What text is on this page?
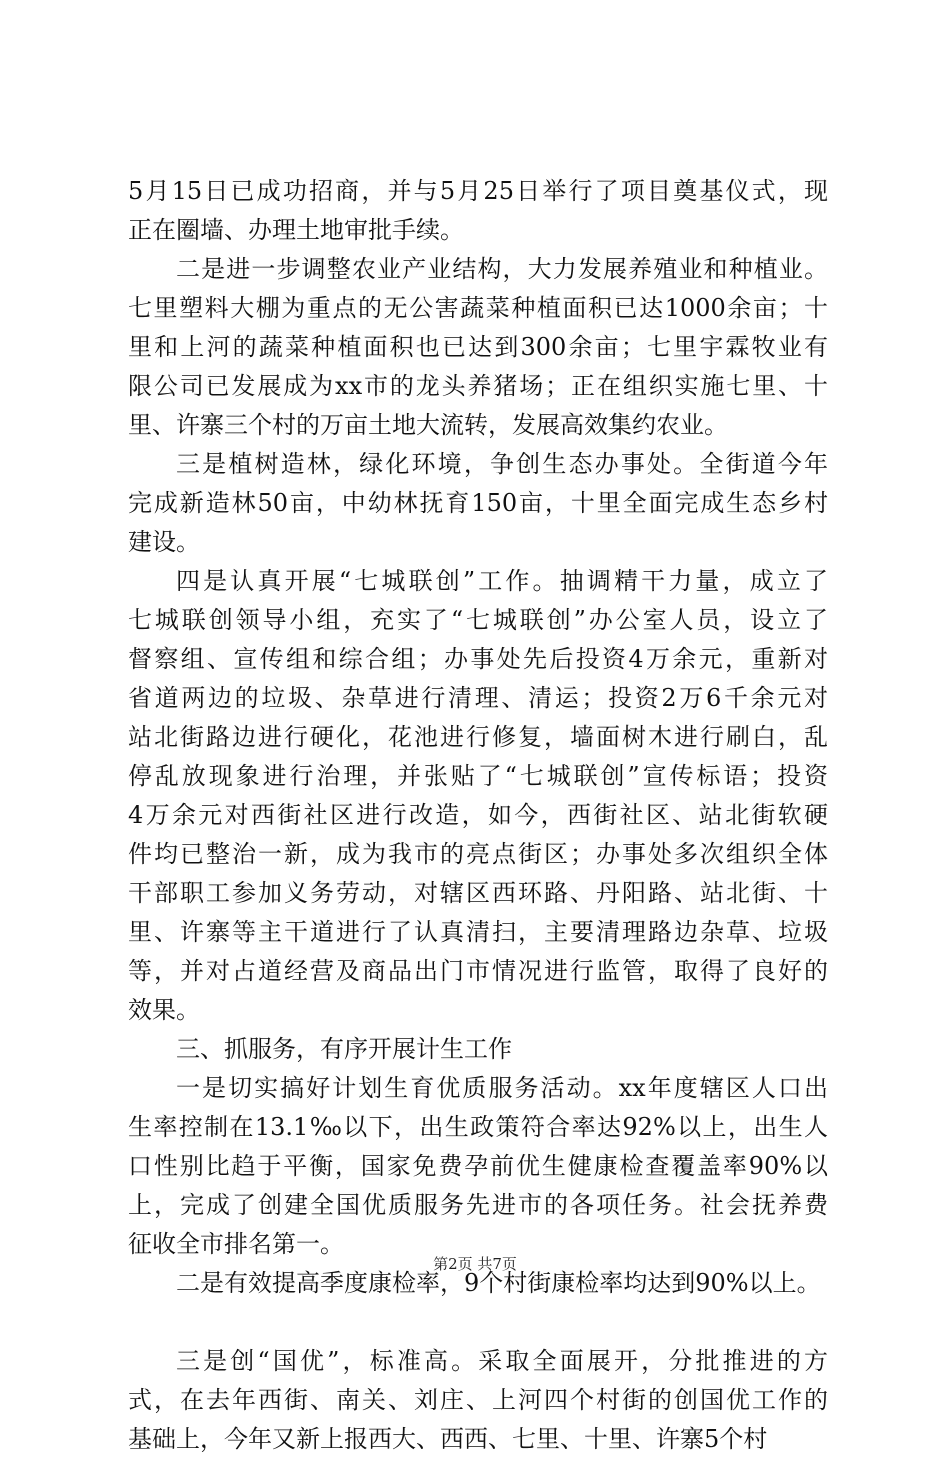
5月15日已成功招商，并与5月25日举行了项目奠基仪式，现
正在圈墙、办理土地审批手续。
二是进一步调整农业产业结构，大力发展养殖业和种植业。
七里塑料大棚为重点的无公害蔬菜种植面积已达1000余亩；十
里和上河的蔬菜种植面积也已达到300余亩；七里宇霖牧业有
限公司已发展成为xx市的龙头养猪场；正在组织实施七里、十
里、许寨三个村的万亩土地大流转，发展高效集约农业。
三是植树造林，绿化环境，争创生态办事处。全街道今年
完成新造林50亩，中幼林抚育150亩，十里全面完成生态乡村
建设。
四是认真开展“七城联创”工作。抽调精干力量，成立了
七城联创领导小组，充实了“七城联创”办公室人员，设立了
督察组、宣传组和综合组；办事处先后投资4万余元，重新对
省道两边的垃圾、杂草进行清理、清运；投资2万6千余元对
站北街路边进行硬化，花池进行修复，墙面树木进行刷白，乱
停乱放现象进行治理，并张贴了“七城联创”宣传标语；投资
4万余元对西街社区进行改造，如今，西街社区、站北街软硬
件均已整治一新，成为我市的亮点街区；办事处多次组织全体
干部职工参加义务劳动，对辖区西环路、丹阳路、站北街、十
里、许寨等主干道进行了认真清扫，主要清理路边杂草、垃圾
等，并对占道经营及商品出门市情况进行监管，取得了良好的
效果。
三、抓服务，有序开展计生工作
一是切实搞好计划生育优质服务活动。xx年度辖区人口出
生率控制在13.1‰以下，出生政策符合率达92%以上，出生人
口性别比趋于平衡，国家免费孕前优生健康检查覆盖率90%以
上，完成了创建全国优质服务先进市的各项任务。社会抚养费
征收全市排名第一。
二是有效提高季度康检率，9个村街康检率均达到90%以上。
三是创“国优”，标准高。采取全面展开，分批推进的方
式，在去年西街、南关、刘庄、上河四个村街的创国优工作的
基础上，今年又新上报西大、西西、七里、十里、许寨5个村
第2页 共7页
